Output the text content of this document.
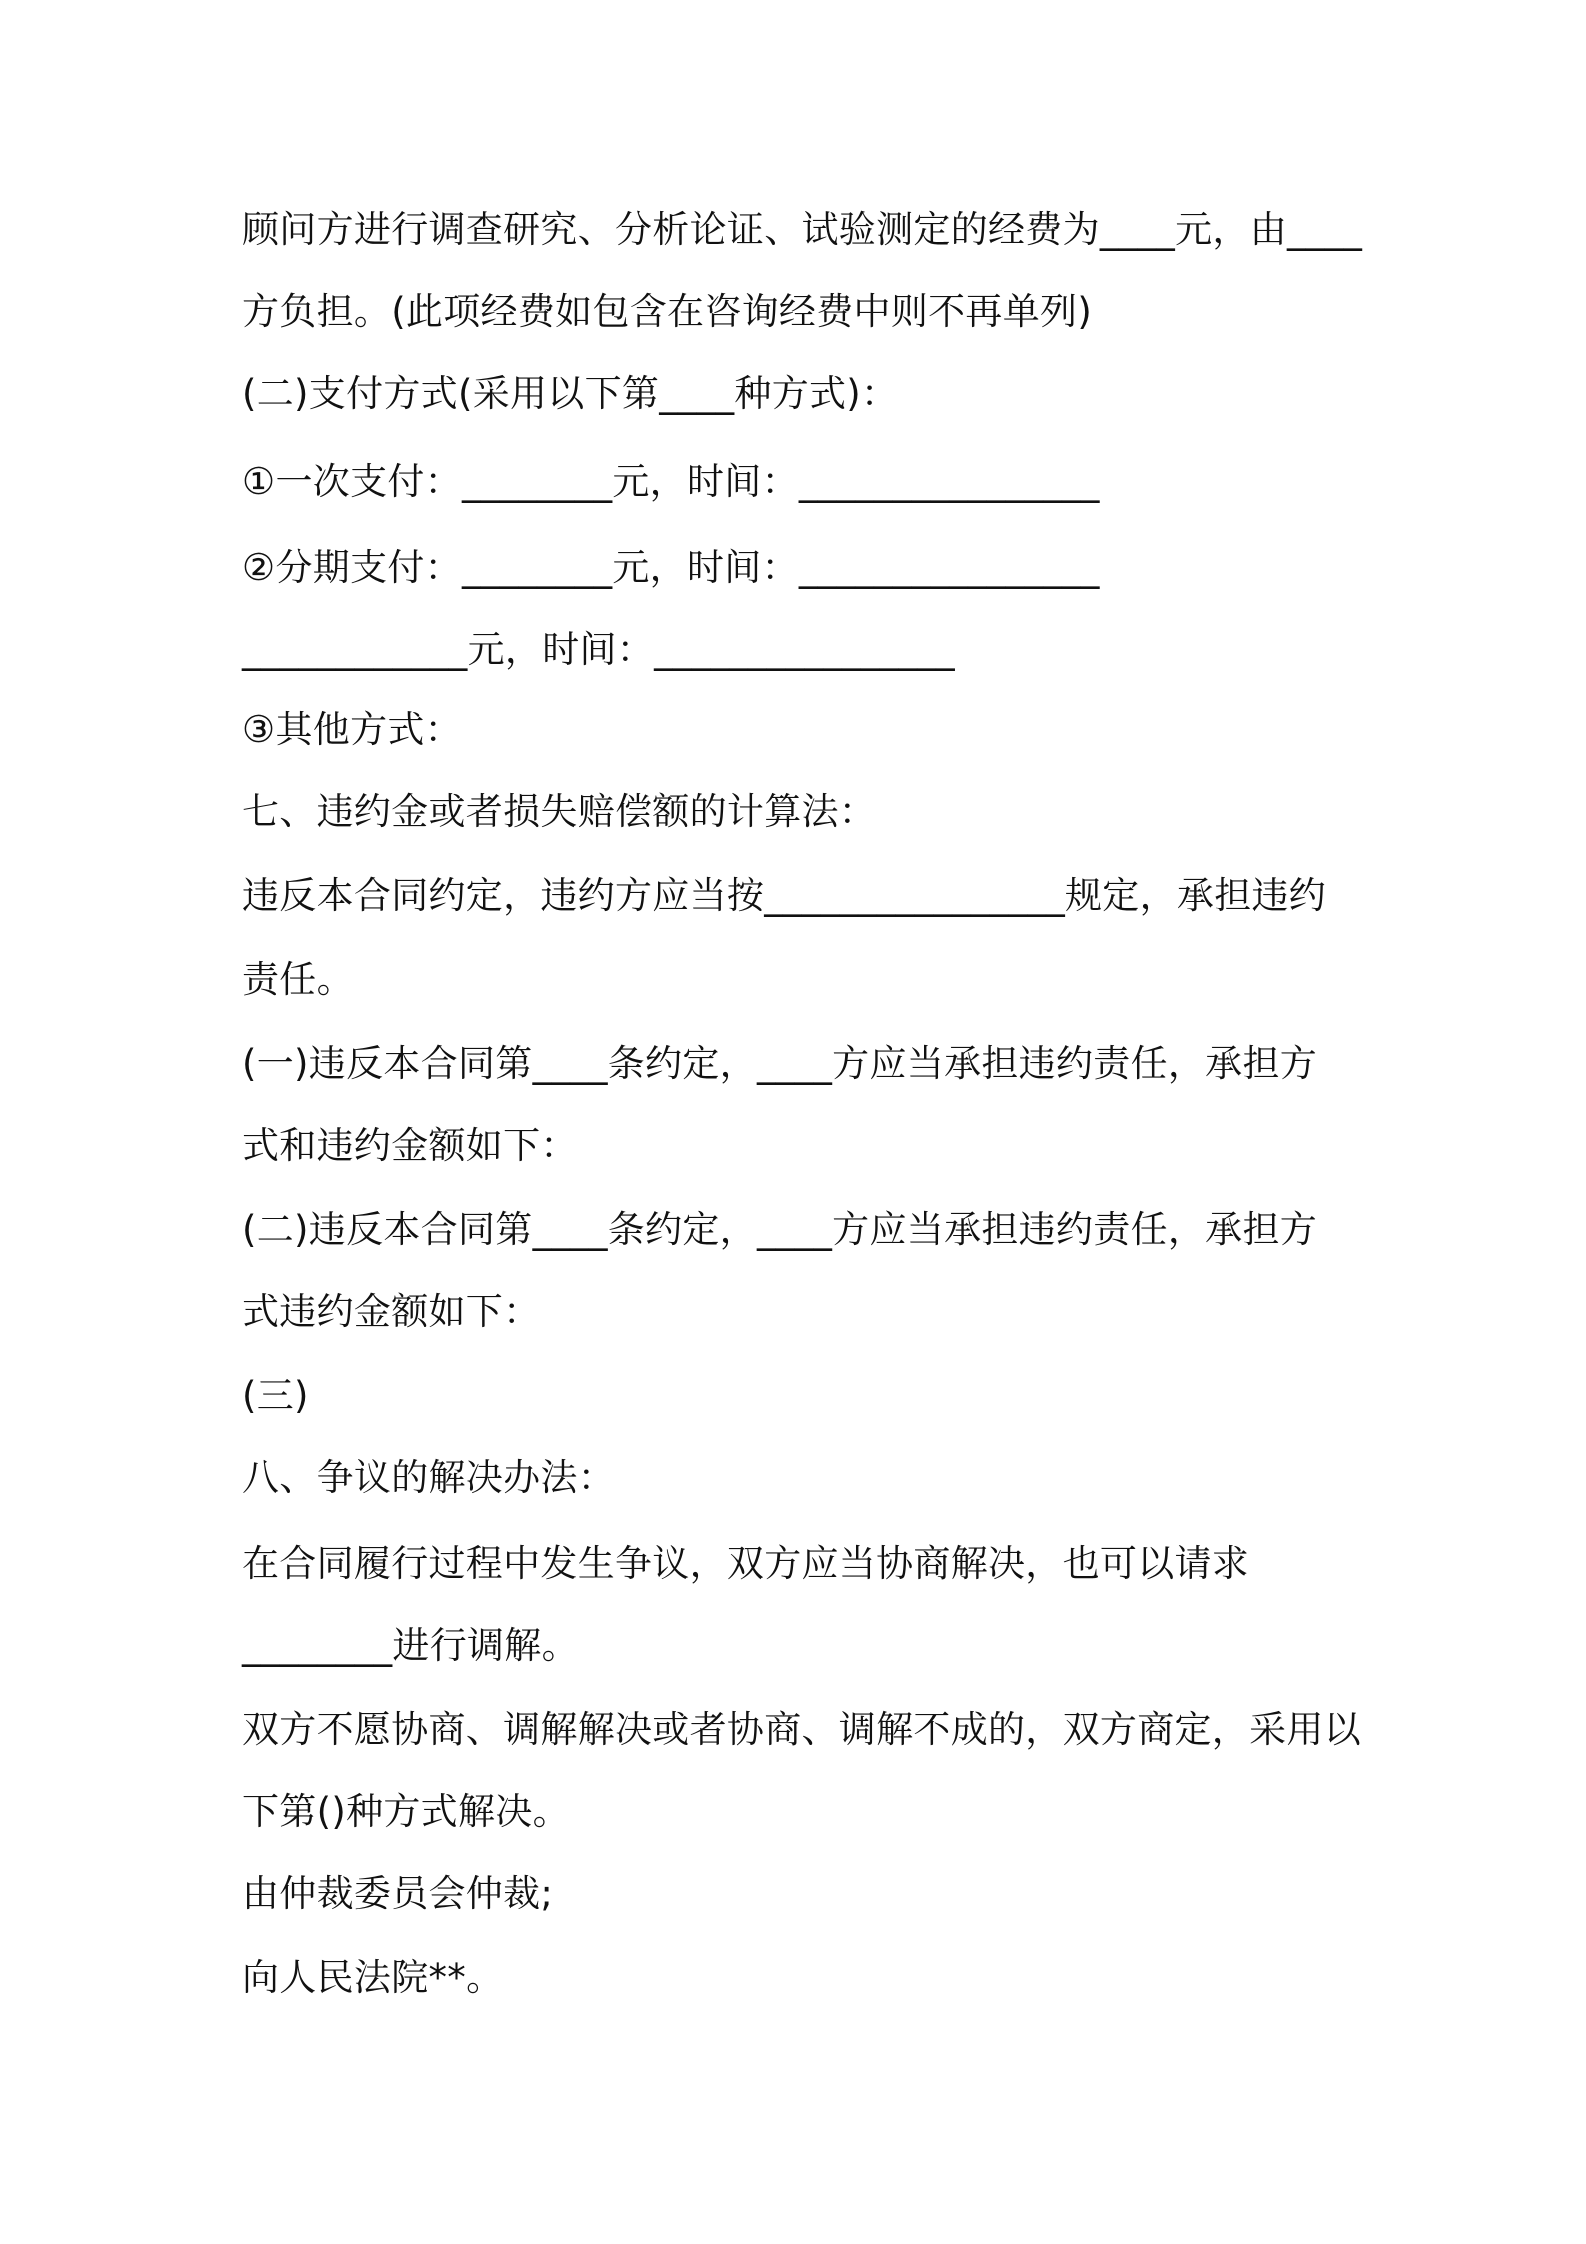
顾问方进行调查研究、分析论证、试验测定的经费为____元，由____
方负担。(此项经费如包含在咨询经费中则不再单列)
(二)支付方式(采用以下第____种方式)：
①一次支付：________元，时间：________________
②分期支付：________元，时间：________________
____________元，时间：________________
③其他方式：
七、违约金或者损失赔偿额的计算法：
违反本合同约定，违约方应当按________________规定，承担违约
责任。
(一)违反本合同第____条约定，____方应当承担违约责任，承担方
式和违约金额如下：
(二)违反本合同第____条约定，____方应当承担违约责任，承担方
式违约金额如下：
(三)
八、争议的解决办法：
在合同履行过程中发生争议，双方应当协商解决，也可以请求
________进行调解。
双方不愿协商、调解解决或者协商、调解不成的，双方商定，采用以
下第()种方式解决。
由仲裁委员会仲裁;
向人民法院**。
